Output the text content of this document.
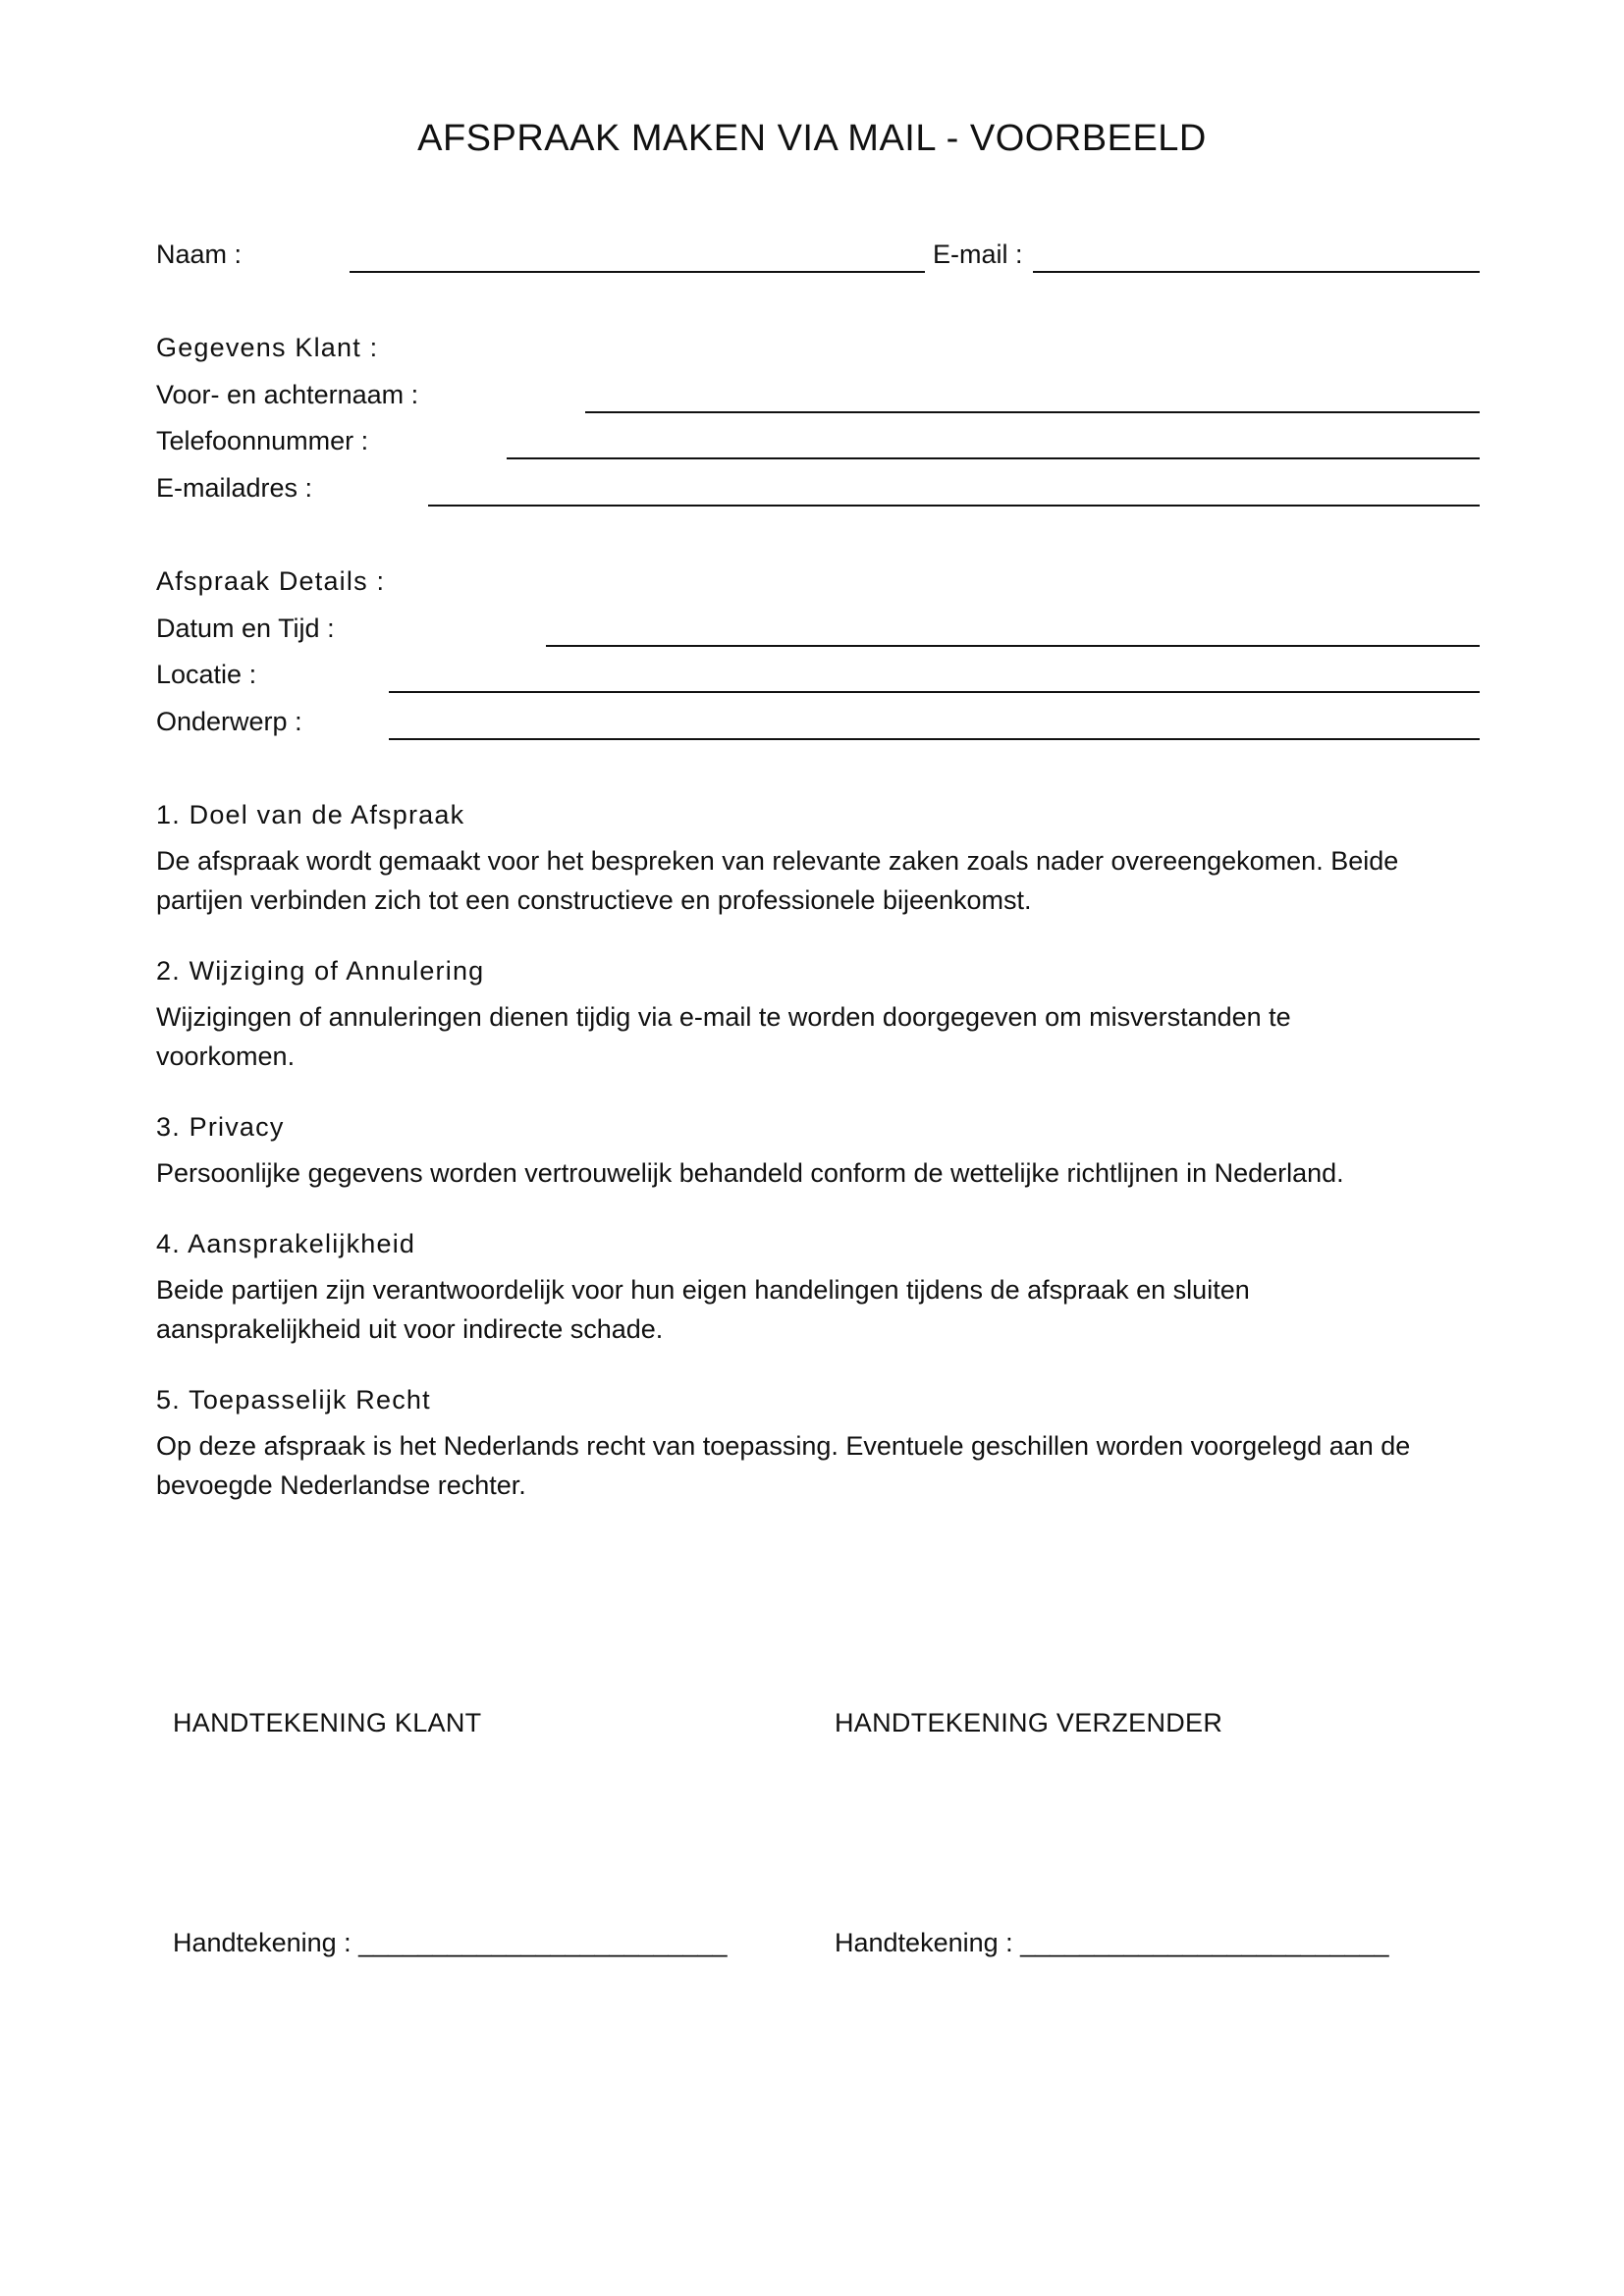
AFSPRAAK MAKEN VIA MAIL - VOORBEELD
Naam :	E-mail :
Gegevens Klant :
Voor- en achternaam :
Telefoonnummer :
E-mailadres :
Afspraak Details :
Datum en Tijd :
Locatie :
Onderwerp :
1. Doel van de Afspraak
De afspraak wordt gemaakt voor het bespreken van relevante zaken zoals nader overeengekomen. Beide
partijen verbinden zich tot een constructieve en professionele bijeenkomst.
2. Wijziging of Annulering
Wijzigingen of annuleringen dienen tijdig via e-mail te worden doorgegeven om misverstanden te
voorkomen.
3. Privacy
Persoonlijke gegevens worden vertrouwelijk behandeld conform de wettelijke richtlijnen in Nederland.
4. Aansprakelijkheid
Beide partijen zijn verantwoordelijk voor hun eigen handelingen tijdens de afspraak en sluiten
aansprakelijkheid uit voor indirecte schade.
5. Toepasselijk Recht
Op deze afspraak is het Nederlands recht van toepassing. Eventuele geschillen worden voorgelegd aan de
bevoegde Nederlandse rechter.
HANDTEKENING KLANT	HANDTEKENING VERZENDER
Handtekening : _________________________	Handtekening : _________________________
